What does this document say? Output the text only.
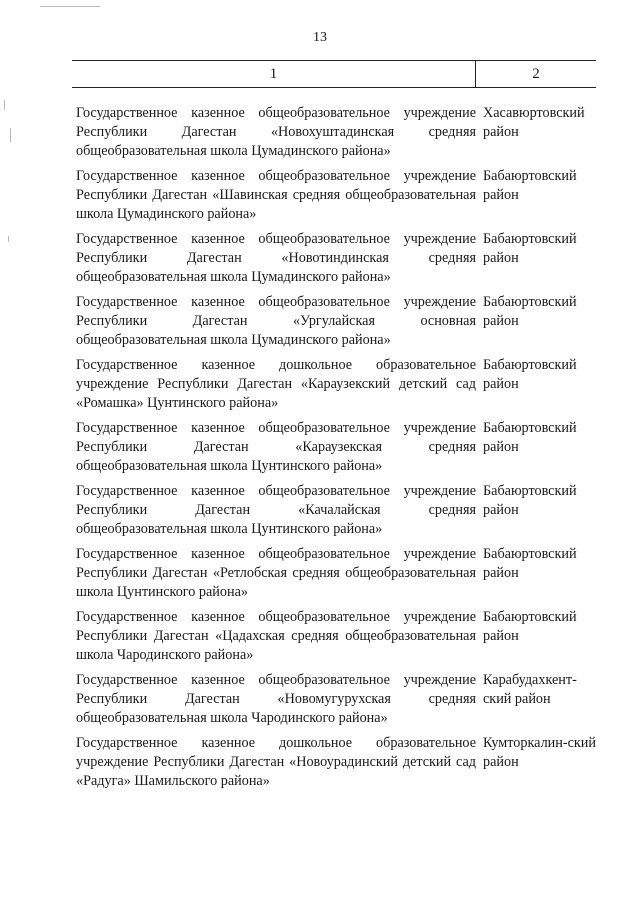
13
1	2
Государственное казенное общеобразовательное учреждение Республики Дагестан «Новохуштадинская средняя общеобразовательная школа Цумадинского района»
Хасавюртовский район
Государственное казенное общеобразовательное учреждение Республики Дагестан «Шавинская средняя общеобразовательная школа Цумадинского района»
Бабаюртовский район
Государственное казенное общеобразовательное учреждение Республики Дагестан «Новотиндинская средняя общеобразовательная школа Цумадинского района»
Бабаюртовский район
Государственное казенное общеобразовательное учреждение Республики Дагестан «Ургулайская основная общеобразовательная школа Цумадинского района»
Бабаюртовский район
Государственное казенное дошкольное образовательное учреждение Республики Дагестан «Караузекский детский сад «Ромашка» Цунтинского района»
Бабаюртовский район
Государственное казенное общеобразовательное учреждение Республики Дагестан «Караузекская средняя общеобразовательная школа Цунтинского района»
Бабаюртовский район
Государственное казенное общеобразовательное учреждение Республики Дагестан «Качалайская средняя общеобразовательная школа Цунтинского района»
Бабаюртовский район
Государственное казенное общеобразовательное учреждение Республики Дагестан «Ретлобская средняя общеобразовательная школа Цунтинского района»
Бабаюртовский район
Государственное казенное общеобразовательное учреждение Республики Дагестан «Цадахская средняя общеобразовательная школа Чародинского района»
Бабаюртовский район
Государственное казенное общеобразовательное учреждение Республики Дагестан «Новомугурухская средняя общеобразовательная школа Чародинского района»
Карабудахкент-ский район
Государственное казенное дошкольное образовательное учреждение Республики Дагестан «Новоурадинский детский сад «Радуга» Шамильского района»
Кумторкалин-ский район
